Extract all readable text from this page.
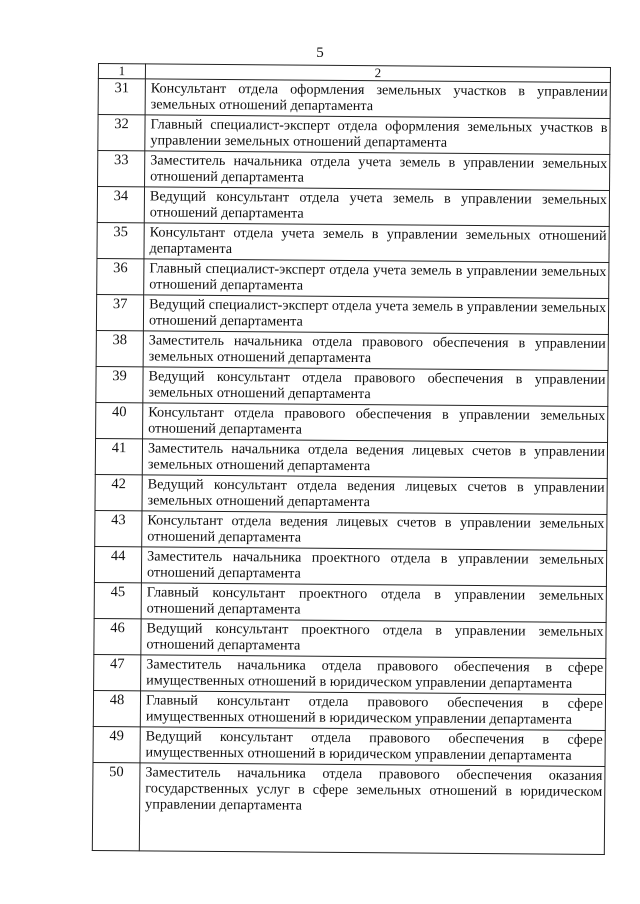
5
1	2
31	Консультант отдела оформления земельных участков в управлении земельных отношений департамента
32	Главный специалист-эксперт отдела оформления земельных участков в управлении земельных отношений департамента
33	Заместитель начальника отдела учета земель в управлении земельных отношений департамента
34	Ведущий консультант отдела учета земель в управлении земельных отношений департамента
35	Консультант отдела учета земель в управлении земельных отношений департамента
36	Главный специалист-эксперт отдела учета земель в управлении земельных отношений департамента
37	Ведущий специалист-эксперт отдела учета земель в управлении земельных отношений департамента
38	Заместитель начальника отдела правового обеспечения в управлении земельных отношений департамента
39	Ведущий консультант отдела правового обеспечения в управлении земельных отношений департамента
40	Консультант отдела правового обеспечения в управлении земельных отношений департамента
41	Заместитель начальника отдела ведения лицевых счетов в управлении земельных отношений департамента
42	Ведущий консультант отдела ведения лицевых счетов в управлении земельных отношений департамента
43	Консультант отдела ведения лицевых счетов в управлении земельных отношений департамента
44	Заместитель начальника проектного отдела в управлении земельных отношений департамента
45	Главный консультант проектного отдела в управлении земельных отношений департамента
46	Ведущий консультант проектного отдела в управлении земельных отношений департамента
47	Заместитель начальника отдела правового обеспечения в сфере имущественных отношений в юридическом управлении департамента
48	Главный консультант отдела правового обеспечения в сфере имущественных отношений в юридическом управлении департамента
49	Ведущий консультант отдела правового обеспечения в сфере имущественных отношений в юридическом управлении департамента
50	Заместитель начальника отдела правового обеспечения оказания государственных услуг в сфере земельных отношений в юридическом управлении департамента
